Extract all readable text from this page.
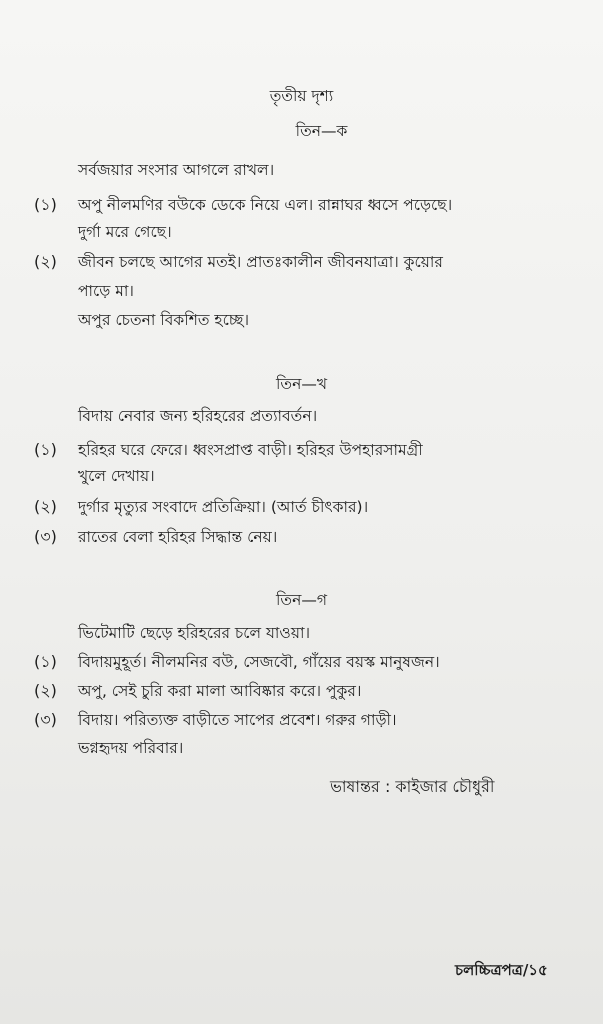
তৃতীয় দৃশ্য
তিন—ক
সর্বজয়ার সংসার আগলে রাখল।
(১) অপু নীলমণির বউকে ডেকে নিয়ে এল। রান্নাঘর ধ্বসে পড়েছে।
দুর্গা মরে গেছে।
(২) জীবন চলছে আগের মতই। প্রাতঃকালীন জীবনযাত্রা। কুয়োর
পাড়ে মা।
অপুর চেতনা বিকশিত হচ্ছে।
তিন—খ
বিদায় নেবার জন্য হরিহরের প্রত্যাবর্তন।
(১) হরিহর ঘরে ফেরে। ধ্বংসপ্রাপ্ত বাড়ী। হরিহর উপহারসামগ্রী
খুলে দেখায়।
(২) দুর্গার মৃত্যুর সংবাদে প্রতিক্রিয়া। (আর্ত চীৎকার)।
(৩) রাতের বেলা হরিহর সিদ্ধান্ত নেয়।
তিন—গ
ভিটেমাটি ছেড়ে হরিহরের চলে যাওয়া।
(১) বিদায়মুহূর্ত। নীলমনির বউ, সেজবৌ, গাঁয়ের বয়স্ক মানুষজন।
(২) অপু, সেই চুরি করা মালা আবিষ্কার করে। পুকুর।
(৩) বিদায়। পরিত্যক্ত বাড়ীতে সাপের প্রবেশ। গরুর গাড়ী।
ভগ্নহৃদয় পরিবার।
ভাষান্তর : কাইজার চৌধুরী
চলচ্চিত্রপত্র/১৫
